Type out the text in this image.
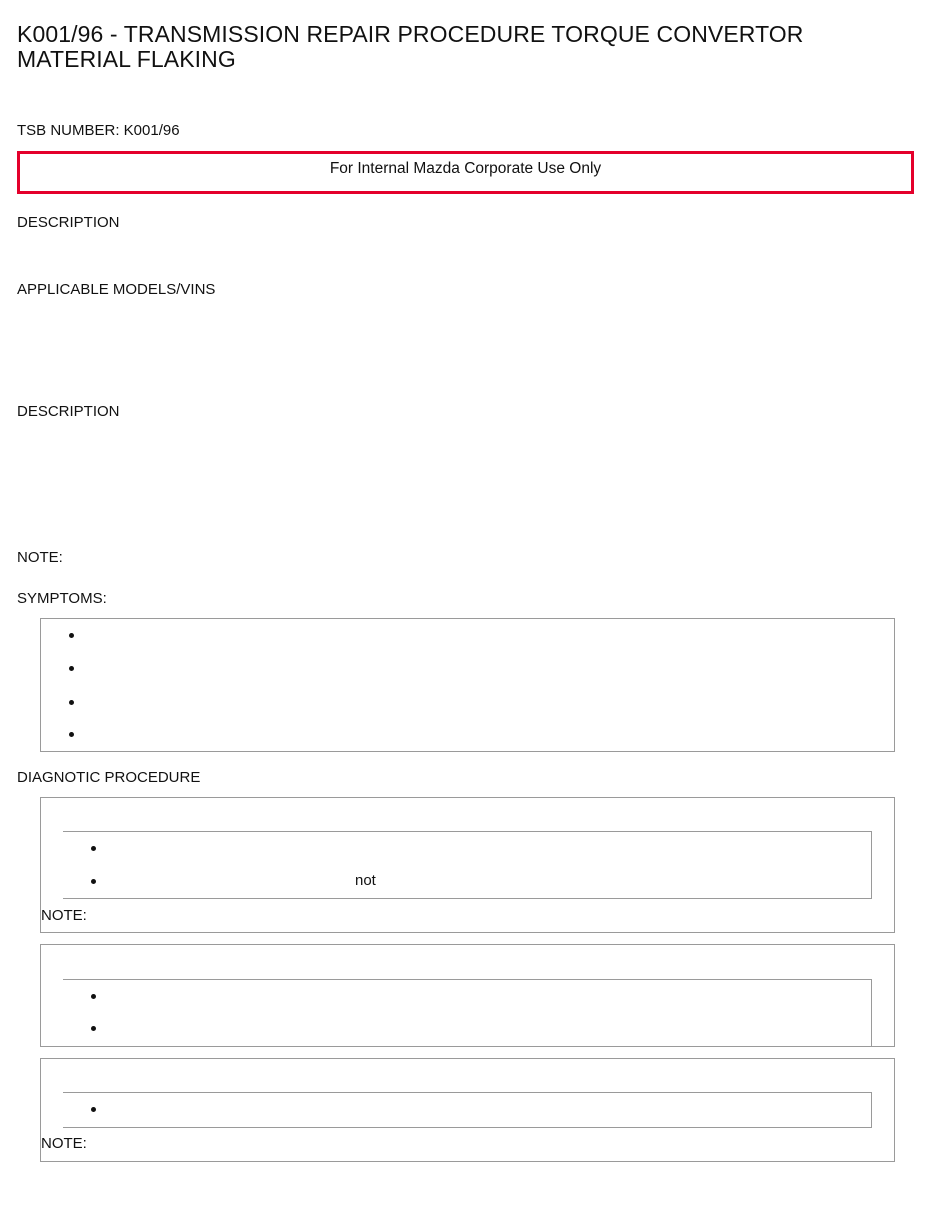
K001/96 - TRANSMISSION REPAIR PROCEDURE TORQUE CONVERTOR MATERIAL FLAKING
TSB NUMBER: K001/96
For Internal Mazda Corporate Use Only
DESCRIPTION
APPLICABLE MODELS/VINS
DESCRIPTION
NOTE:
SYMPTOMS:
DIAGNOTIC PROCEDURE
not
NOTE:
NOTE:
